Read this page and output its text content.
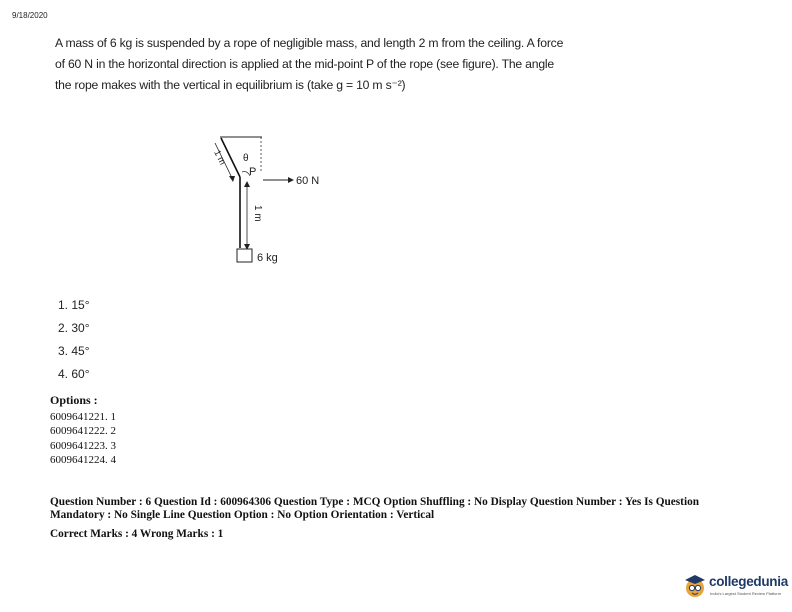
9/18/2020
A mass of 6 kg is suspended by a rope of negligible mass, and length 2 m from the ceiling. A force
of 60 N in the horizontal direction is applied at the mid-point P of the rope (see figure). The angle
the rope makes with the vertical in equilibrium is (take g = 10 m s⁻²)
θ
P
1 m
1 m
60 N
6 kg
1. 15°
2. 30°
3. 45°
4. 60°
Options :
6009641221. 1
6009641222. 2
6009641223. 3
6009641224. 4
Question Number : 6 Question Id : 600964306 Question Type : MCQ Option Shuffling : No Display Question Number : Yes Is Question
Mandatory : No Single Line Question Option : No Option Orientation : Vertical
Correct Marks : 4 Wrong Marks : 1
collegedunia
India's Largest Student Review Platform
